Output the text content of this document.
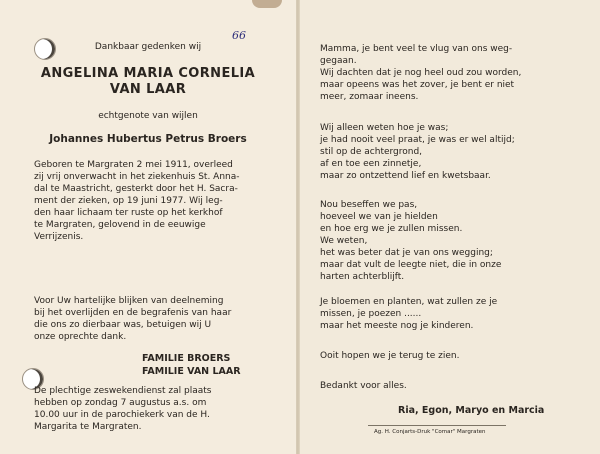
66
Dankbaar gedenken wij
ANGELINA MARIA CORNELIA
VAN LAAR
echtgenote van wijlen
Johannes Hubertus Petrus Broers
Geboren te Margraten 2 mei 1911, overleed
zij vrij onverwacht in het ziekenhuis St. Anna-
dal te Maastricht, gesterkt door het H. Sacra-
ment der zieken, op 19 juni 1977. Wij leg-
den haar lichaam ter ruste op het kerkhof
te Margraten, gelovend in de eeuwige
Verrijzenis.
Voor Uw hartelijke blijken van deelneming
bij het overlijden en de begrafenis van haar
die ons zo dierbaar was, betuigen wij U
onze oprechte dank.
FAMILIE BROERS
FAMILIE VAN LAAR
De plechtige zeswekendienst zal plaats
hebben op zondag 7 augustus a.s. om
10.00 uur in de parochiekerk van de H.
Margarita te Margraten.
Mamma, je bent veel te vlug van ons weg-
gegaan.
Wij dachten dat je nog heel oud zou worden,
maar opeens was het zover, je bent er niet
meer, zomaar ineens.
Wij alleen weten hoe je was;
je had nooit veel praat, je was er wel altijd;
stil op de achtergrond,
af en toe een zinnetje,
maar zo ontzettend lief en kwetsbaar.
Nou beseffen we pas,
hoeveel we van je hielden
en hoe erg we je zullen missen.
We weten,
het was beter dat je van ons wegging;
maar dat vult de leegte niet, die in onze
harten achterblijft.
Je bloemen en planten, wat zullen ze je
missen, je poezen ......
maar het meeste nog je kinderen.
Ooit hopen we je terug te zien.
Bedankt voor alles.
Ria, Egon, Maryo en Marcia
Ag. H. Conjarts-Druk "Comar" Margraten
